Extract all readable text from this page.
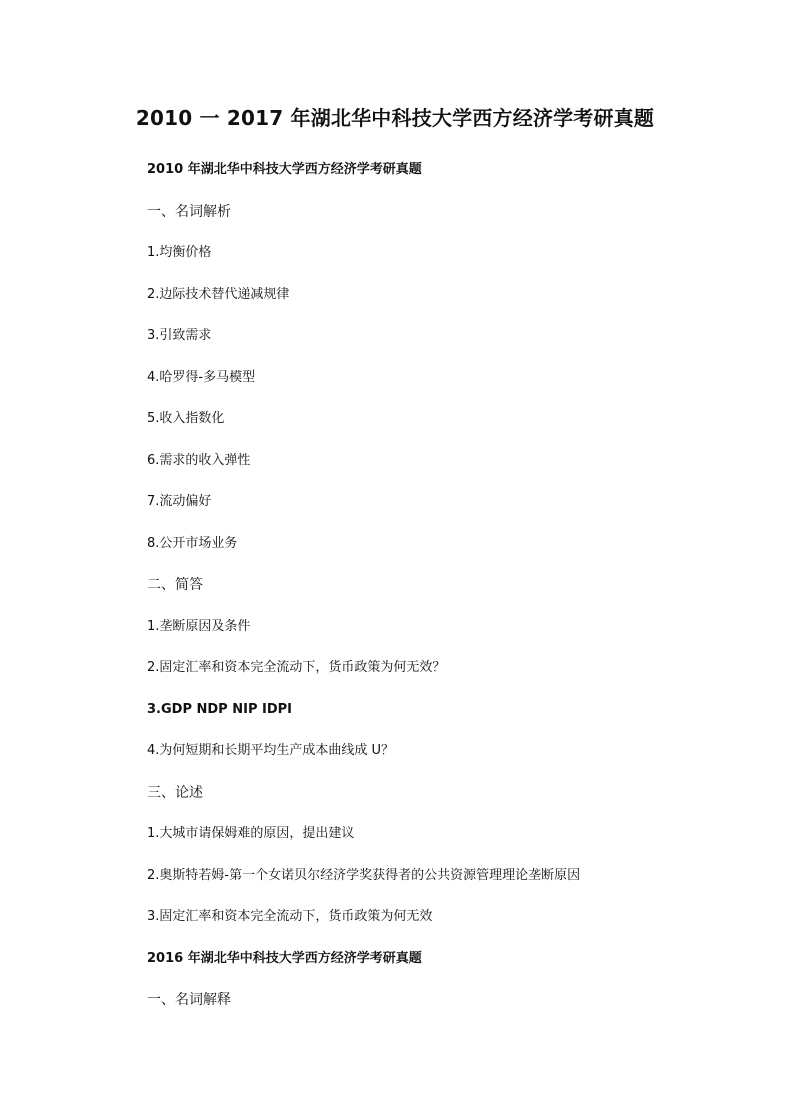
2010 一 2017 年湖北华中科技大学西方经济学考研真题
2010 年湖北华中科技大学西方经济学考研真题
一、名词解析
1.均衡价格
2.边际技术替代递减规律
3.引致需求
4.哈罗得-多马模型
5.收入指数化
6.需求的收入弹性
7.流动偏好
8.公开市场业务
二、简答
1.垄断原因及条件
2.固定汇率和资本完全流动下，货币政策为何无效？
3.GDP NDP NIP IDPI
4.为何短期和长期平均生产成本曲线成 U？
三、论述
1.大城市请保姆难的原因，提出建议
2.奥斯特若姆-第一个女诺贝尔经济学奖获得者的公共资源管理理论垄断原因
3.固定汇率和资本完全流动下，货币政策为何无效
2016 年湖北华中科技大学西方经济学考研真题
一、名词解释
